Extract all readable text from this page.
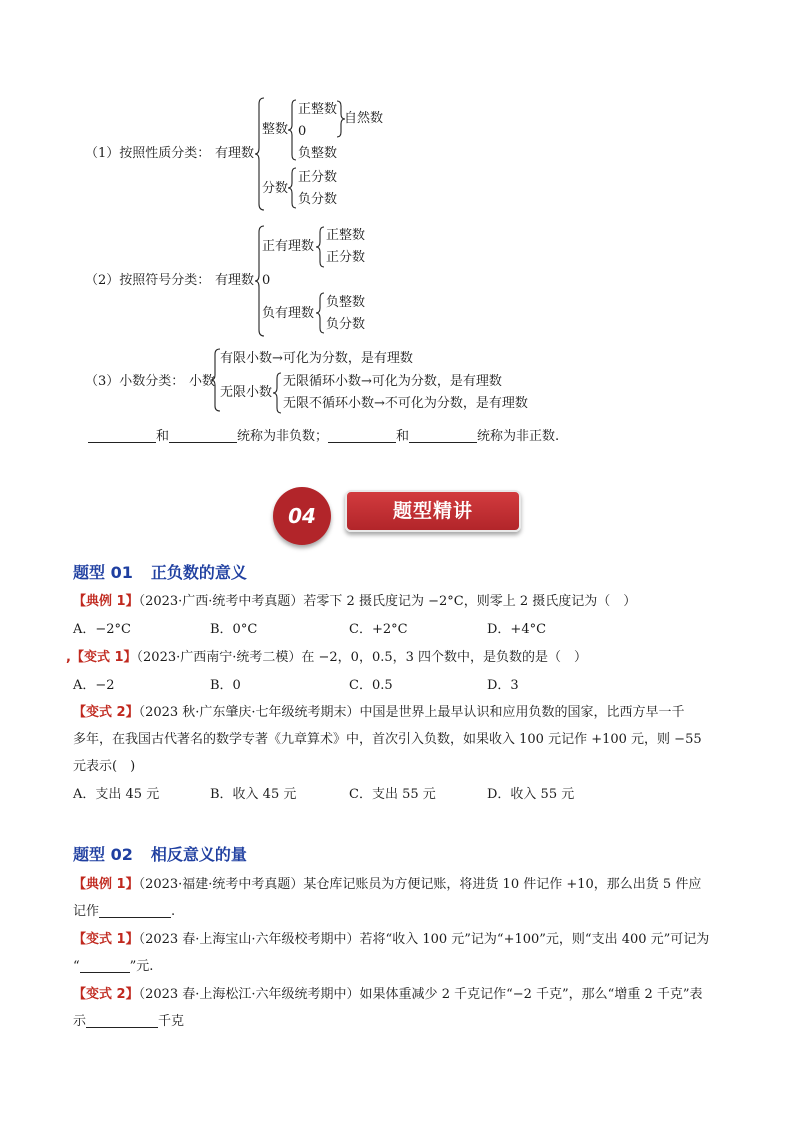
（1）按照性质分类： 有理数
整数
正整数
0
负整数
自然数
分数
正分数
负分数
（2）按照符号分类： 有理数
正有理数
正整数
正分数
0
负有理数
负整数
负分数
（3）小数分类： 小数
有限小数→可化为分数，是有理数
无限小数
无限循环小数→可化为分数，是有理数
无限不循环小数→不可化为分数，是有理数
和	统称为非负数；	和	统称为非正数.
04	题型精讲
题型 01 正负数的意义
【典例 1】（2023·广西·统考中考真题）若零下 2 摄氏度记为 −2°C，则零上 2 摄氏度记为（　）
A．−2°C	B．0°C	C．+2°C	D．+4°C
,【变式 1】（2023·广西南宁·统考二模）在 −2，0，0.5，3 四个数中，是负数的是（　）
A．−2	B．0	C．0.5	D．3
【变式 2】（2023 秋·广东肇庆·七年级统考期末）中国是世界上最早认识和应用负数的国家，比西方早一千
多年，在我国古代著名的数学专著《九章算术》中，首次引入负数，如果收入 100 元记作 +100 元，则 −55
元表示(　)
A．支出 45 元	B．收入 45 元	C．支出 55 元	D．收入 55 元
题型 02 相反意义的量
【典例 1】（2023·福建·统考中考真题）某仓库记账员为方便记账，将进货 10 件记作 +10，那么出货 5 件应
记作	.
【变式 1】（2023 春·上海宝山·六年级校考期中）若将“收入 100 元”记为“+100”元，则“支出 400 元”可记为
“	”元.
【变式 2】（2023 春·上海松江·六年级统考期中）如果体重减少 2 千克记作“−2 千克”，那么“增重 2 千克”表
示	千克
